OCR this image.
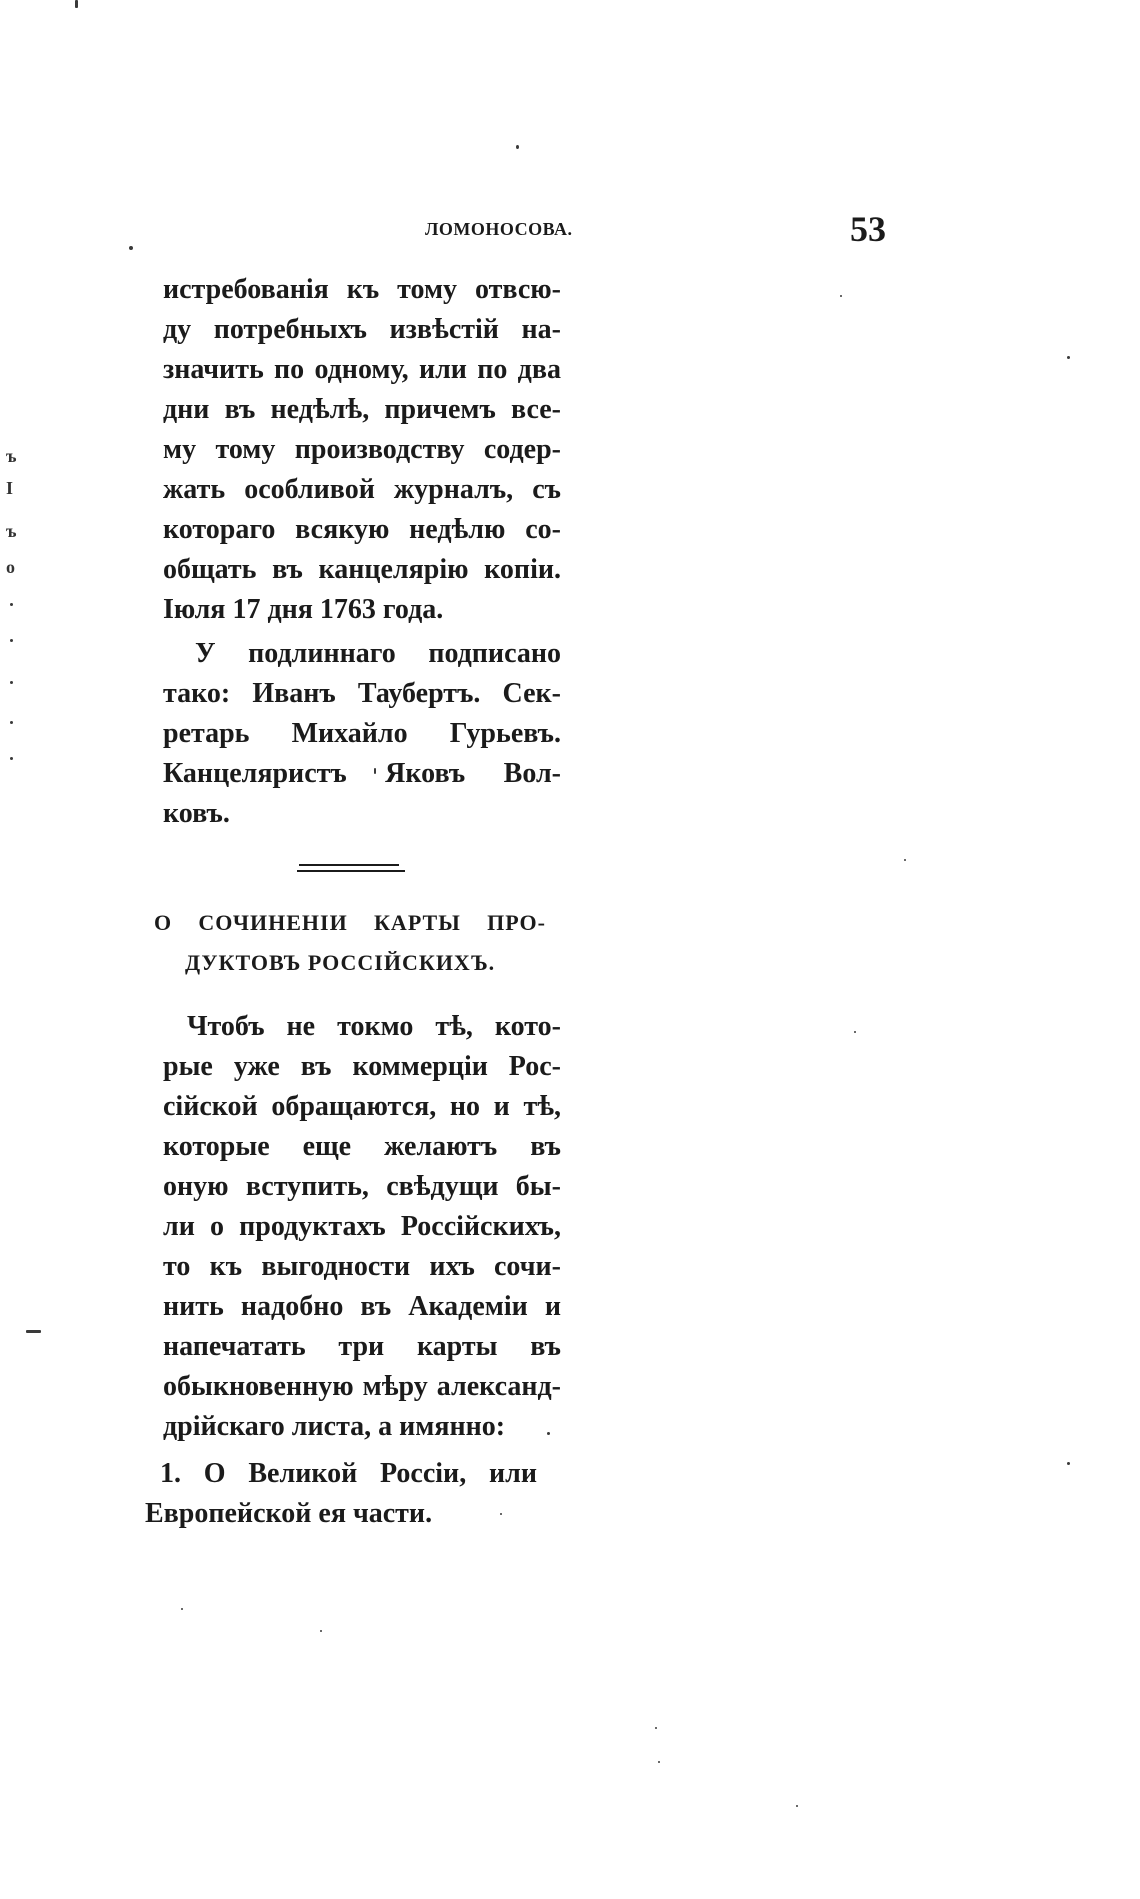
ЛОМОНОСОВА.	53
истребованія къ тому отвсю-
ду потребныхъ извѣстій на-
значить по одному, или по два
дни въ недѣлѣ, причемъ все-
му тому производству содер-
жать особливой журналъ, съ
котораго всякую недѣлю со-
общать въ канцелярію копіи.
Іюля 17 дня 1763 года.
У подлиннаго подписано
тако: Иванъ Таубертъ. Сек-
ретарь Михайло Гурьевъ.
Канцеляристъ Яковъ Вол-
ковъ.
О СОЧИНЕНІИ КАРТЫ ПРО-
ДУКТОВЪ РОССІЙСКИХЪ.
Чтобъ не токмо тѣ, кото-
рые уже въ коммерціи Рос-
сійской обращаются, но и тѣ,
которые еще желаютъ въ
оную вступить, свѣдущи бы-
ли о продуктахъ Россійскихъ,
то къ выгодности ихъ сочи-
нить надобно въ Академіи и
напечатать три карты въ
обыкновенную мѣру александ-
дрійскаго листа, а имянно:
1. О Великой Россіи, или
Европейской ея части.
ъ
І
ъ
о
